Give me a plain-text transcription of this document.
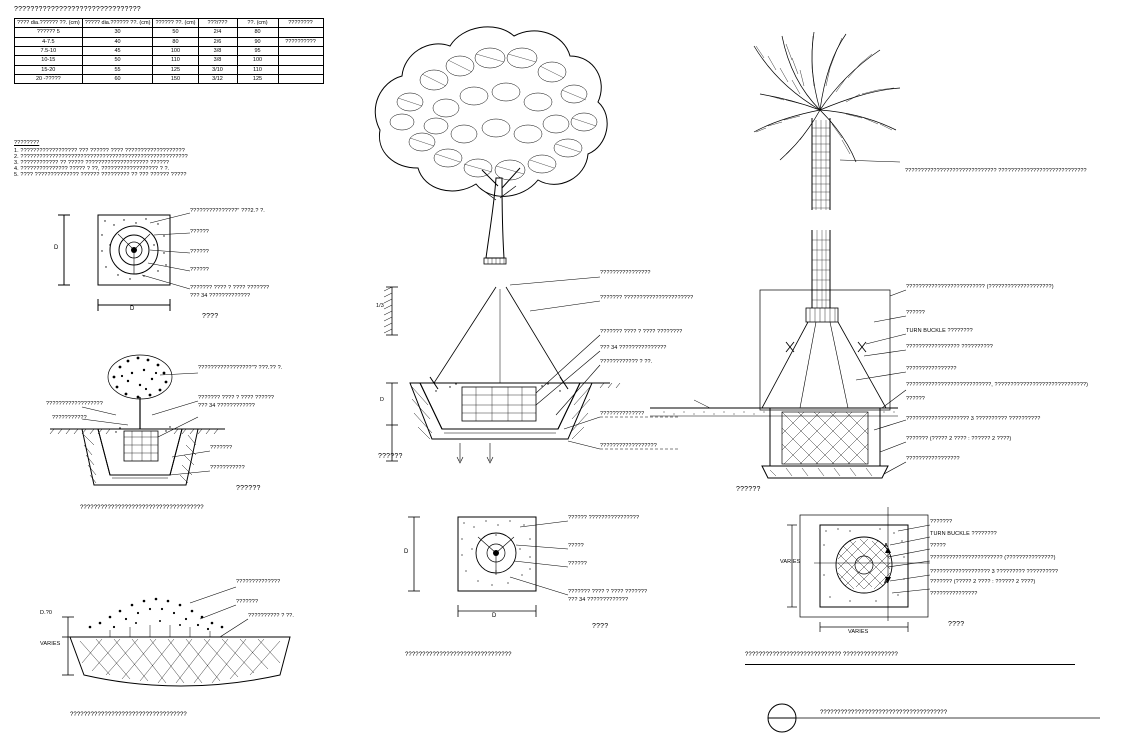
???????????????????????????????
???? dia.?????? ??. (cm)	????? dia.?????? ??. (cm)	?????? ??. (cm)	???/???	??. (cm)	????????
?????? 5	30	50	2/4	80	
4-7.5	40	80	2/6	90	??????????
7.5-10	45	100	3/8	95	
10-15	50	110	3/8	100	
15-20	55	125	3/10	110	
20 -?????	60	150	3/12	125	
????????
1. ?????????????????? ??? ?????? ???? ???????????????????
2. ?????????????????????????????????????????????????????
3. ???????????? ?? ????? ???????????????????? ??????
4. ??????????????? ????? ? ??, ?????????????????? ? ?.
5. ???? ?????????????? ?????? ????????? ?? ??? ?????? ?????
D
D
???????????????" ???2.? ?.
??????
??????
??????
??????? ???? ? ???? ???????
??? 34 ?????????????
????
??????????????????
???????????
?????????????????"? ???.?? ?.
??????? ???? ? ???? ??????
??? 34 ????????????
???????
???????????
??????
????????????????????????????????????
??????????????
???????
?????????? ? ??.
D.?0
VARIES
??????????????????????????????????
1/3
D
????????????????
??????? ??????????????????????
??????? ???? ? ???? ????????
??? 34 ???????????????
???????????? ? ??.
??????????????
??????????????????
??????
D
D
?????? ????????????????
?????
??????
??????? ???? ? ???? ???????
??? 34 ?????????????
????
???????????????????????????????
????????????????????????????? ????????????????????????????
????????????????????????? (????????????????????)
??????
TURN BUCKLE ????????
????????????????? ??????????
????????????????
???????????????????????????, ?????????????????????????????)
??????
???????????????????? 3 ?????????? ??????????
??????? (????? 2 ???? : ?????? 2 ????)
?????????????????
??????
A
A
VARIES
VARIES
???????
TURN BUCKLE ????????
?????
??????????????????????? (???????????????)
??????????????????? 3 ????????? ??????????
??????? (????? 2 ???? : ?????? 2 ????)
???????????????
????
???????????????????????????? ????????????????
?????????????????????????????????????
